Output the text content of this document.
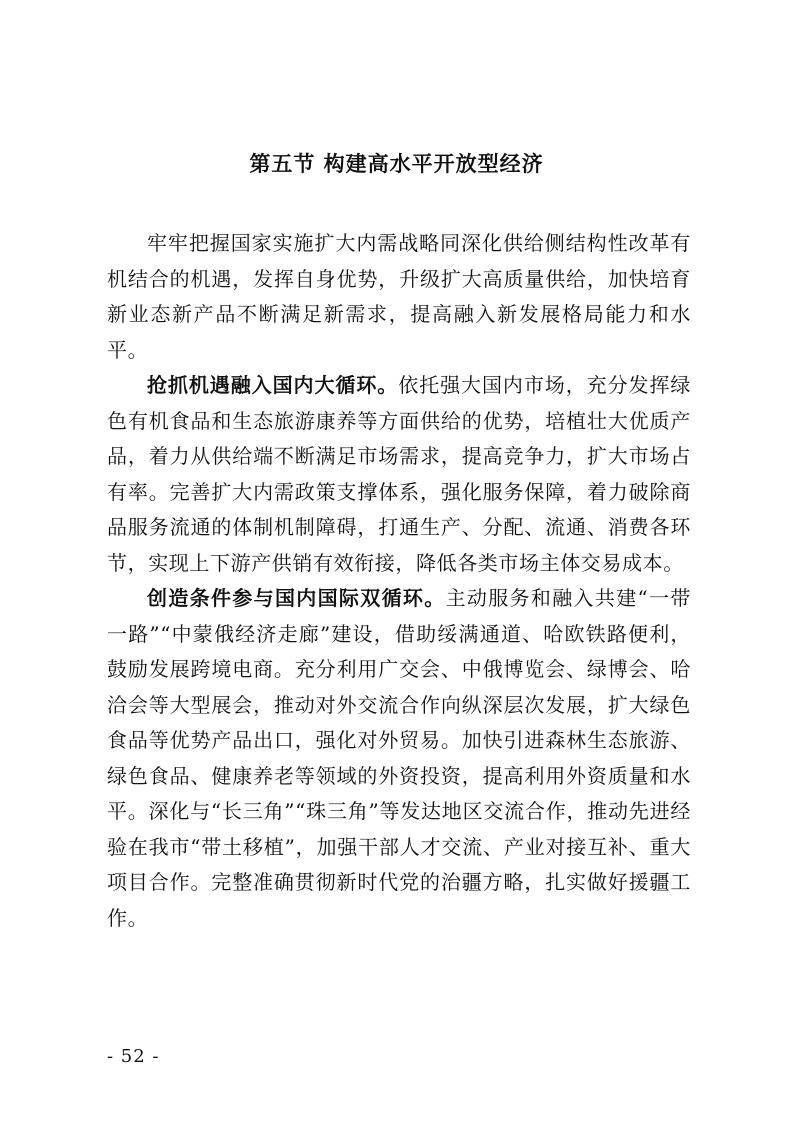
第五节 构建高水平开放型经济

牢牢把握国家实施扩大内需战略同深化供给侧结构性改革有机结合的机遇，发挥自身优势，升级扩大高质量供给，加快培育新业态新产品不断满足新需求，提高融入新发展格局能力和水平。

抢抓机遇融入国内大循环。依托强大国内市场，充分发挥绿色有机食品和生态旅游康养等方面供给的优势，培植壮大优质产品，着力从供给端不断满足市场需求，提高竞争力，扩大市场占有率。完善扩大内需政策支撑体系，强化服务保障，着力破除商品服务流通的体制机制障碍，打通生产、分配、流通、消费各环节，实现上下游产供销有效衔接，降低各类市场主体交易成本。

创造条件参与国内国际双循环。主动服务和融入共建“一带一路”“中蒙俄经济走廊”建设，借助绥满通道、哈欧铁路便利，鼓励发展跨境电商。充分利用广交会、中俄博览会、绿博会、哈洽会等大型展会，推动对外交流合作向纵深层次发展，扩大绿色食品等优势产品出口，强化对外贸易。加快引进森林生态旅游、绿色食品、健康养老等领域的外资投资，提高利用外资质量和水平。深化与“长三角”“珠三角”等发达地区交流合作，推动先进经验在我市“带土移植”，加强干部人才交流、产业对接互补、重大项目合作。完整准确贯彻新时代党的治疆方略，扎实做好援疆工作。

- 52 -
